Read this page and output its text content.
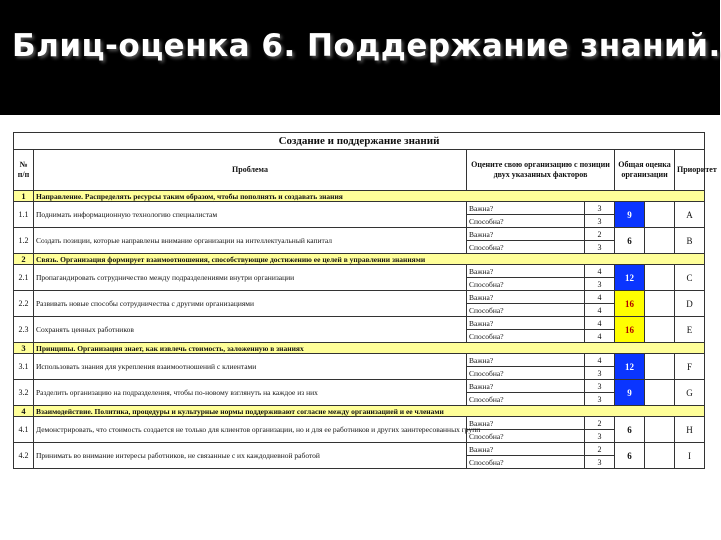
Блиц-оценка 6. Поддержание знаний.
Создание и поддержание знаний						
№ п/п	Проблема	Оцените свою организацию с позиции двух указанных факторов		Общая оценка организации		Приоритет
1	Направление. Распределять ресурсы таким образом, чтобы пополнять и создавать знания					
1.1	Поднимать информационную технологию специалистам	Важна?	3	9		A
		Способна?	3			
1.2	Создать позиции, которые направлены внимание организации на интеллектуальный капитал	Важна?	2	6		B
		Способна?	3			
2	Связь. Организация формирует взаимоотношения, способствующие достижению ее целей в управлении знаниями					
2.1	Пропагандировать сотрудничество между подразделениями внутри организации	Важна?	4	12		C
		Способна?	3			
2.2	Развивать новые способы сотрудничества с другими организациями	Важна?	4	16		D
		Способна?	4			
2.3	Сохранять ценных работников	Важна?	4	16		E
		Способна?	4			
3	Принципы. Организация знает, как извлечь стоимость, заложенную в знаниях					
3.1	Использовать знания для укрепления взаимоотношений с клиентами	Важна?	4	12		F
		Способна?	3			
3.2	Разделить организацию на подразделения, чтобы по-новому взглянуть на каждое из них	Важна?	3	9		G
		Способна?	3			
4	Взаимодействие. Политика, процедуры и культурные нормы поддерживают согласие между организацией и ее членами					
4.1	Демонстрировать, что стоимость создается не только для клиентов организации, но и для ее работников и других заинтересованных групп	Важна?	2	6		H
		Способна?	3			
4.2	Принимать во внимание интересы работников, не связанные с их каждодневной работой	Важна?	2	6		I
		Способна?	3			
